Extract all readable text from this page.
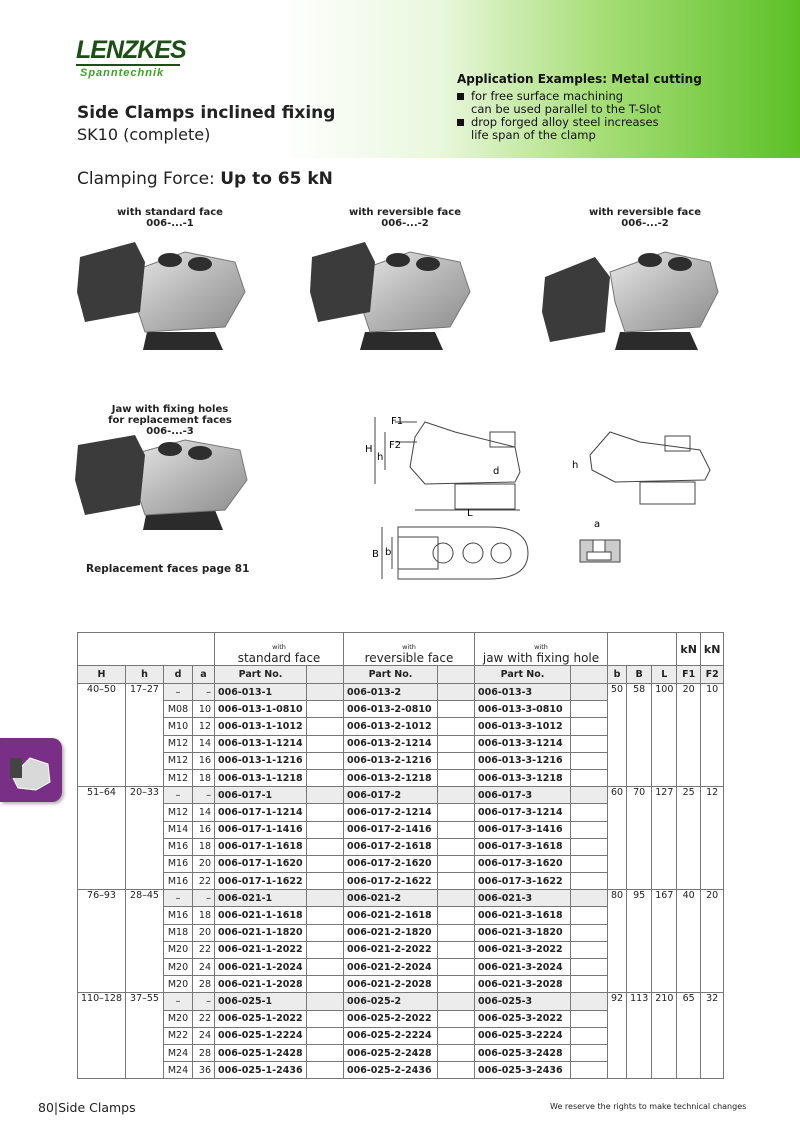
LENZKES
Spanntechnik
Side Clamps inclined fixing
SK10 (complete)
Application Examples: Metal cutting
for free surface machining
can be used parallel to the T-Slot
drop forged alloy steel increases
life span of the clamp
Clamping Force: Up to 65 kN
with standard face
006-...-1
with reversible face
006-...-2
with reversible face
006-...-2
Jaw with fixing holes
for replacement faces
006-...-3
Replacement faces page 81
F1
F2
H
h
d
L
h
B b
a

				with
standard face		with
reversible face		with
jaw with fixing hole					kN	kN
H	h	d	a	Part No.		Part No.		Part No.		b	B	L	F1	F2
40–50	17–27	–	–	006-013-1		006-013-2		006-013-3		50	58	100	20	10
		M08	10	006-013-1-0810		006-013-2-0810		006-013-3-0810						
		M10	12	006-013-1-1012		006-013-2-1012		006-013-3-1012						
		M12	14	006-013-1-1214		006-013-2-1214		006-013-3-1214						
		M12	16	006-013-1-1216		006-013-2-1216		006-013-3-1216						
		M12	18	006-013-1-1218		006-013-2-1218		006-013-3-1218						
51–64	20–33	–	–	006-017-1		006-017-2		006-017-3		60	70	127	25	12
		M12	14	006-017-1-1214		006-017-2-1214		006-017-3-1214						
		M14	16	006-017-1-1416		006-017-2-1416		006-017-3-1416						
		M16	18	006-017-1-1618		006-017-2-1618		006-017-3-1618						
		M16	20	006-017-1-1620		006-017-2-1620		006-017-3-1620						
		M16	22	006-017-1-1622		006-017-2-1622		006-017-3-1622						
76–93	28–45	–	–	006-021-1		006-021-2		006-021-3		80	95	167	40	20
		M16	18	006-021-1-1618		006-021-2-1618		006-021-3-1618						
		M18	20	006-021-1-1820		006-021-2-1820		006-021-3-1820						
		M20	22	006-021-1-2022		006-021-2-2022		006-021-3-2022						
		M20	24	006-021-1-2024		006-021-2-2024		006-021-3-2024						
		M20	28	006-021-1-2028		006-021-2-2028		006-021-3-2028						
110–128	37–55	–	–	006-025-1		006-025-2		006-025-3		92	113	210	65	32
		M20	22	006-025-1-2022		006-025-2-2022		006-025-3-2022						
		M22	24	006-025-1-2224		006-025-2-2224		006-025-3-2224						
		M24	28	006-025-1-2428		006-025-2-2428		006-025-3-2428						
		M24	36	006-025-1-2436		006-025-2-2436		006-025-3-2436						
80|Side Clamps	We reserve the rights to make technical changes
